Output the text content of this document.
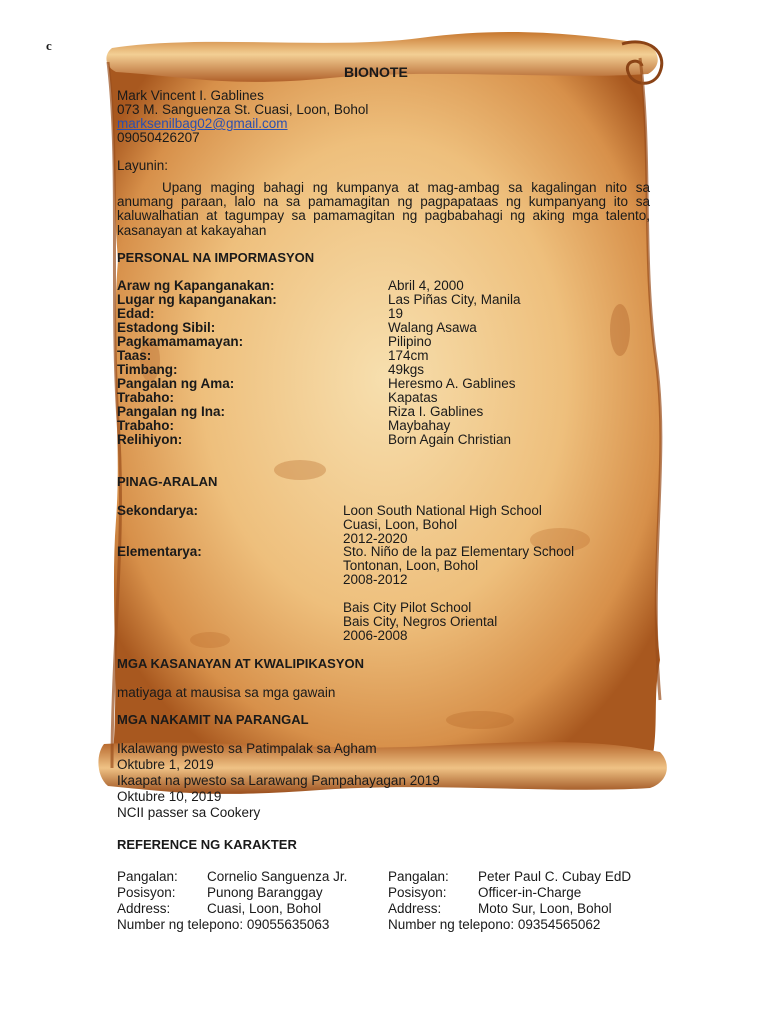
c
BIONOTE
Mark Vincent I. Gablines
073 M. Sanguenza St. Cuasi, Loon, Bohol
marksenilbag02@gmail.com
09050426207
Layunin:
Upang maging bahagi ng kumpanya at mag-ambag sa kagalingan nito sa anumang paraan, lalo na sa pamamagitan ng pagpapataas ng kumpanyang ito sa kaluwalhatian at tagumpay sa pamamagitan ng pagbabahagi ng aking mga talento, kasanayan at kakayahan
PERSONAL NA IMPORMASYON
Araw ng Kapanganakan:	Abril 4, 2000
Lugar ng kapanganakan:	Las Piñas City, Manila
Edad:	19
Estadong Sibil:	Walang Asawa
Pagkamamamayan:	Pilipino
Taas:	174cm
Timbang:	49kgs
Pangalan ng Ama:	Heresmo A. Gablines
Trabaho:	Kapatas
Pangalan ng Ina:	Riza I. Gablines
Trabaho:	Maybahay
Relihiyon:	Born Again Christian
PINAG-ARALAN
Sekondarya:	Loon South National High School
Cuasi, Loon, Bohol
2012-2020
Elementarya:	Sto. Niño de la paz Elementary School
Tontonan, Loon, Bohol
2008-2012
Bais City Pilot School
Bais City, Negros Oriental
2006-2008
MGA KASANAYAN AT KWALIPIKASYON
matiyaga at mausisa sa mga gawain
MGA NAKAMIT NA PARANGAL
Ikalawang pwesto sa Patimpalak sa Agham
Oktubre 1, 2019
Ikaapat na pwesto sa Larawang Pampahayagan 2019
Oktubre 10, 2019
NCII passer sa Cookery
REFERENCE NG KARAKTER
Pangalan: Cornelio Sanguenza Jr.
Posisyon: Punong Baranggay
Address:	Cuasi, Loon, Bohol
Number ng telepono: 09055635063
Pangalan: Peter Paul C. Cubay EdD
Posisyon: Officer-in-Charge
Address:	Moto Sur, Loon, Bohol
Number ng telepono: 09354565062
